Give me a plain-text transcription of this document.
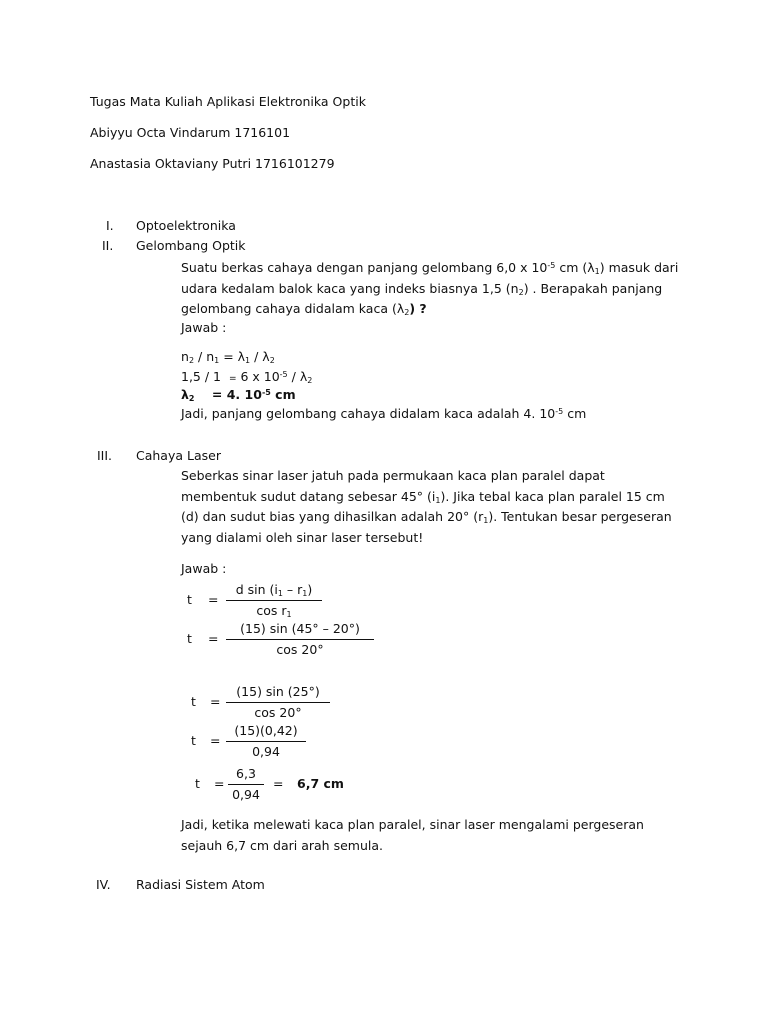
Tugas Mata Kuliah Aplikasi Elektronika Optik
Abiyyu Octa Vindarum 1716101
Anastasia Oktaviany Putri 1716101279
I. Optoelektronika
II. Gelombang Optik
Suatu berkas cahaya dengan panjang gelombang 6,0 x $10^{-5}$ cm $(\lambda_1)$ masuk dari udara kedalam balok kaca yang indeks biasnya 1,5 $(n_2)$ . Berapakah panjang gelombang cahaya didalam kaca $(\lambda_2)$ ?
Jawab :
$n_2 / n_1 = \lambda_1 / \lambda_2$
1,5 / 1  = 6 x $10^{-5} / \lambda_2$
$\lambda_2$    = 4. $10^{-5}$ cm
Jadi, panjang gelombang cahaya didalam kaca adalah 4. $10^{-5}$ cm
III. Cahaya Laser
Seberkas sinar laser jatuh pada permukaan kaca plan paralel dapat membentuk sudut datang sebesar 45° $(i_1)$. Jika tebal kaca plan paralel 15 cm (d) dan sudut bias yang dihasilkan adalah 20° $(r_1)$. Tentukan besar pergeseran yang dialami oleh sinar laser tersebut!
Jawab :
$t = \frac{d \sin (i_1 - r_1)}{\cos r_1}$
$t = \frac{(15) \sin (45^\circ - 20^\circ)}{\cos 20^\circ}$
$t = \frac{(15) \sin (25^\circ)}{\cos 20^\circ}$
$t = \frac{(15)(0,42)}{0,94}$
$t = \frac{6,3}{0,94} = 6,7$ cm
Jadi, ketika melewati kaca plan paralel, sinar laser mengalami pergeseran sejauh 6,7 cm dari arah semula.
IV. Radiasi Sistem Atom
